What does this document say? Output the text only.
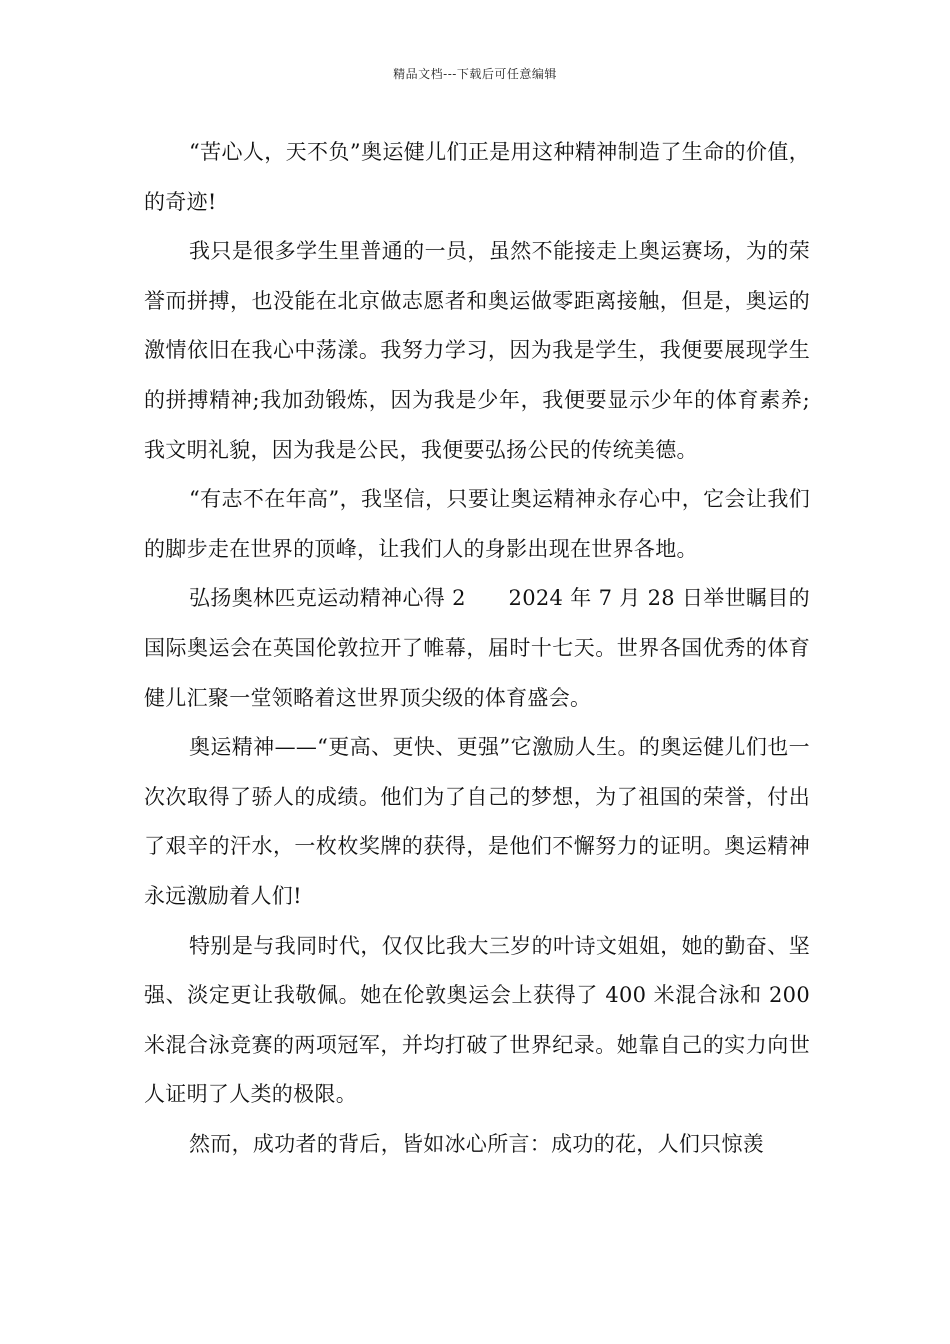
精品文档---下载后可任意编辑

“苦心人，天不负”奥运健儿们正是用这种精神制造了生命的价值，的奇迹!

我只是很多学生里普通的一员，虽然不能接走上奥运赛场，为的荣誉而拼搏，也没能在北京做志愿者和奥运做零距离接触，但是，奥运的激情依旧在我心中荡漾。我努力学习，因为我是学生，我便要展现学生的拼搏精神;我加劲锻炼，因为我是少年，我便要显示少年的体育素养;我文明礼貌，因为我是公民，我便要弘扬公民的传统美德。

“有志不在年高”，我坚信，只要让奥运精神永存心中，它会让我们的脚步走在世界的顶峰，让我们人的身影出现在世界各地。

弘扬奥林匹克运动精神心得 2　　2024 年 7 月 28 日举世瞩目的国际奥运会在英国伦敦拉开了帷幕，届时十七天。世界各国优秀的体育健儿汇聚一堂领略着这世界顶尖级的体育盛会。

奥运精神——“更高、更快、更强”它激励人生。的奥运健儿们也一次次取得了骄人的成绩。他们为了自己的梦想，为了祖国的荣誉，付出了艰辛的汗水，一枚枚奖牌的获得，是他们不懈努力的证明。奥运精神永远激励着人们!

特别是与我同时代，仅仅比我大三岁的叶诗文姐姐，她的勤奋、坚强、淡定更让我敬佩。她在伦敦奥运会上获得了 400 米混合泳和 200 米混合泳竞赛的两项冠军，并均打破了世界纪录。她靠自己的实力向世人证明了人类的极限。

然而，成功者的背后，皆如冰心所言：成功的花，人们只惊羡
